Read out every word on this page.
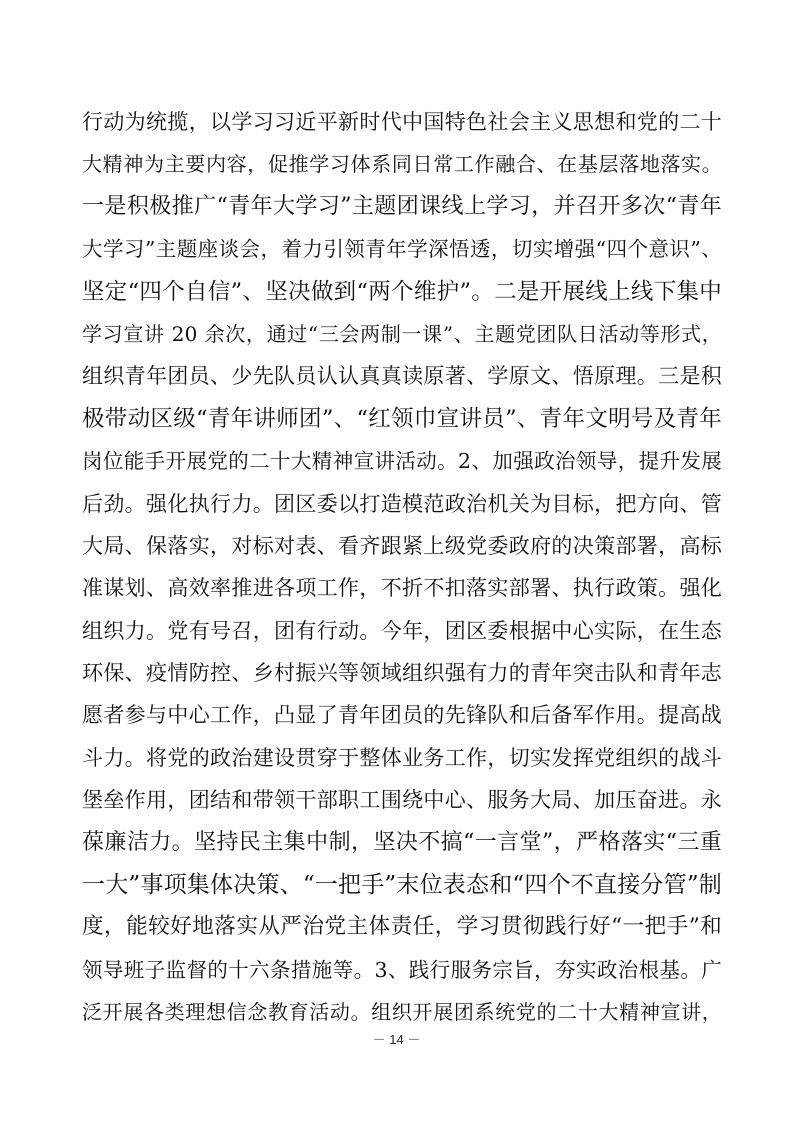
行动为统揽，以学习习近平新时代中国特色社会主义思想和党的二十
大精神为主要内容，促推学习体系同日常工作融合、在基层落地落实。
一是积极推广“青年大学习”主题团课线上学习，并召开多次“青年
大学习”主题座谈会，着力引领青年学深悟透，切实增强“四个意识”、
坚定“四个自信”、坚决做到“两个维护”。二是开展线上线下集中
学习宣讲 20 余次，通过“三会两制一课”、主题党团队日活动等形式，
组织青年团员、少先队员认认真真读原著、学原文、悟原理。三是积
极带动区级“青年讲师团”、“红领巾宣讲员”、青年文明号及青年
岗位能手开展党的二十大精神宣讲活动。2、加强政治领导，提升发展
后劲。强化执行力。团区委以打造模范政治机关为目标，把方向、管
大局、保落实，对标对表、看齐跟紧上级党委政府的决策部署，高标
准谋划、高效率推进各项工作，不折不扣落实部署、执行政策。强化
组织力。党有号召，团有行动。今年，团区委根据中心实际，在生态
环保、疫情防控、乡村振兴等领域组织强有力的青年突击队和青年志
愿者参与中心工作，凸显了青年团员的先锋队和后备军作用。提高战
斗力。将党的政治建设贯穿于整体业务工作，切实发挥党组织的战斗
堡垒作用，团结和带领干部职工围绕中心、服务大局、加压奋进。永
葆廉洁力。坚持民主集中制，坚决不搞“一言堂”，严格落实“三重
一大”事项集体决策、“一把手”末位表态和“四个不直接分管”制
度，能较好地落实从严治党主体责任，学习贯彻践行好“一把手”和
领导班子监督的十六条措施等。3、践行服务宗旨，夯实政治根基。广
泛开展各类理想信念教育活动。组织开展团系统党的二十大精神宣讲，
－ 14 －
